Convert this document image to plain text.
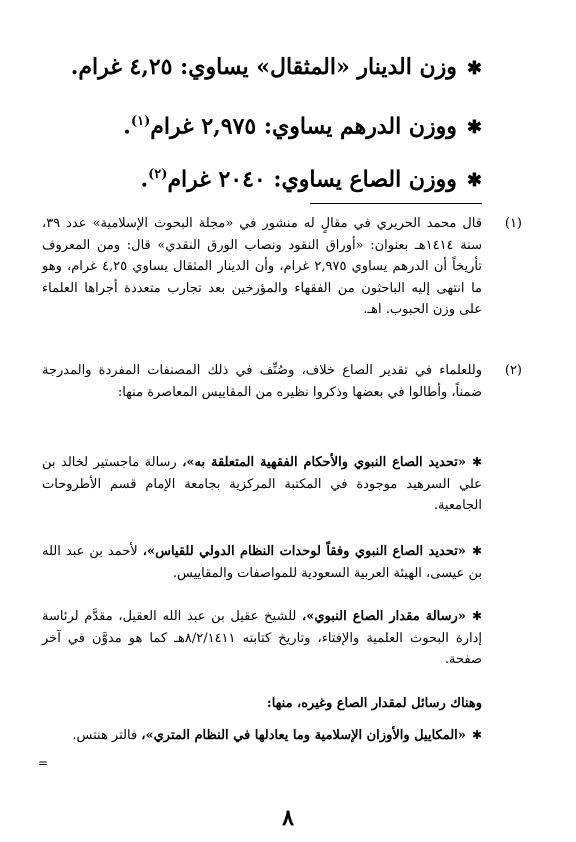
✱وزن الدينار «المثقال» يساوي: ٤,٢٥ غرام.
✱ووزن الدرهم يساوي: ٢,٩٧٥ غرام$^{(١)}$.
✱ووزن الصاع يساوي: ٢٠٤٠ غرام$^{(٢)}$.
(١)
قال محمد الحريري في مقالٍ له منشور في «مجلة البحوث الإسلامية» عدد ٣٩، سنة ١٤١٤هـ بعنوان: «أوراق النقود ونصاب الورق النقدي» قال: ومن المعروف تأريخاً أن الدرهم يساوي ٢,٩٧٥ غرام، وأن الدينار المثقال يساوي ٤,٢٥ غرام، وهو ما انتهى إليه الباحثون من الفقهاء والمؤرخين بعد تجارب متعددة أجراها العلماء على وزن الحبوب. اهـ.
(٢)
وللعلماء في تقدير الصاع خلاف، وصُنِّف في ذلك المصنفات المفردة والمدرجة ضمناً، وأطالوا في بعضها وذكروا نظيره من المقاييس المعاصرة منها:
✱«تحديد الصاع النبوي والأحكام الفقهية المتعلقة به»، رسالة ماجستير لخالد بن علي السرهيد موجودة في المكتبة المركزية بجامعة الإمام قسم الأطروحات الجامعية.
✱«تحديد الصاع النبوي وفقاً لوحدات النظام الدولي للقياس»، لأحمد بن عبد الله بن عيسى، الهيئة العربية السعودية للمواصفات والمقاييس.
✱«رسالة مقدار الصاع النبوي»، للشيخ عقيل بن عبد الله العقيل، مقدَّم لرئاسة إدارة البحوث العلمية والإفتاء، وتاريخ كتابته ٨/٢/١٤١١هـ كما هو مدوَّن في آخر صفحة.
وهناك رسائل لمقدار الصاع وغيره، منها:
✱«المكاييل والأوزان الإسلامية وما يعادلها في النظام المتري»، فالتر هنتس.
=
٨
